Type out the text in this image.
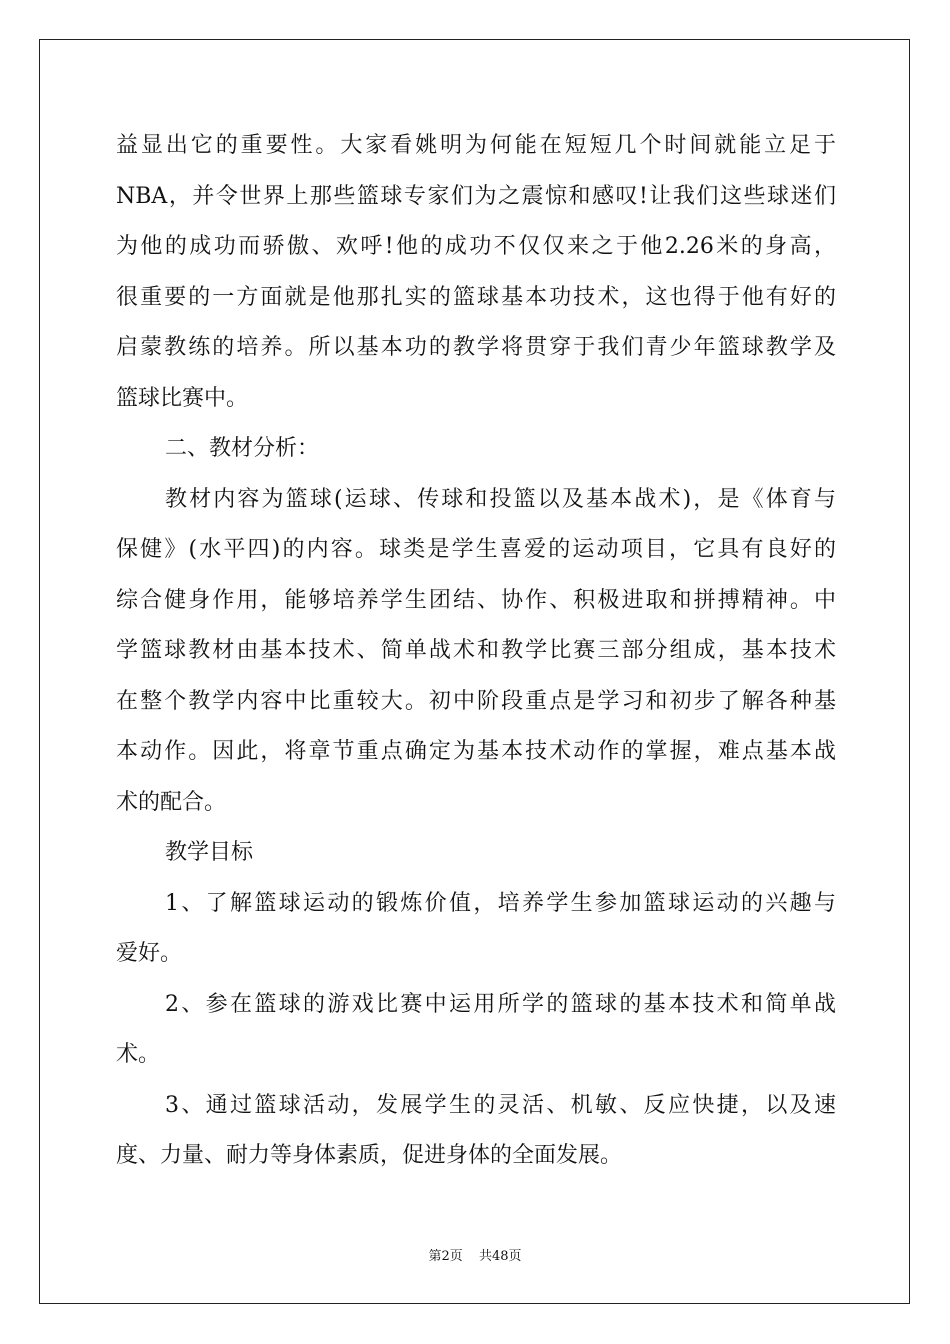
益显出它的重要性。大家看姚明为何能在短短几个时间就能立足于
NBA，并令世界上那些篮球专家们为之震惊和感叹!让我们这些球迷们
为他的成功而骄傲、欢呼!他的成功不仅仅来之于他2.26米的身高，
很重要的一方面就是他那扎实的篮球基本功技术，这也得于他有好的
启蒙教练的培养。所以基本功的教学将贯穿于我们青少年篮球教学及
篮球比赛中。
二、教材分析：
教材内容为篮球(运球、传球和投篮以及基本战术)，是《体育与
保健》(水平四)的内容。球类是学生喜爱的运动项目，它具有良好的
综合健身作用，能够培养学生团结、协作、积极进取和拼搏精神。中
学篮球教材由基本技术、简单战术和教学比赛三部分组成，基本技术
在整个教学内容中比重较大。初中阶段重点是学习和初步了解各种基
本动作。因此，将章节重点确定为基本技术动作的掌握，难点基本战
术的配合。
教学目标
1、了解篮球运动的锻炼价值，培养学生参加篮球运动的兴趣与
爱好。
2、参在篮球的游戏比赛中运用所学的篮球的基本技术和简单战
术。
3、通过篮球活动，发展学生的灵活、机敏、反应快捷，以及速
度、力量、耐力等身体素质，促进身体的全面发展。
第2页 共48页
